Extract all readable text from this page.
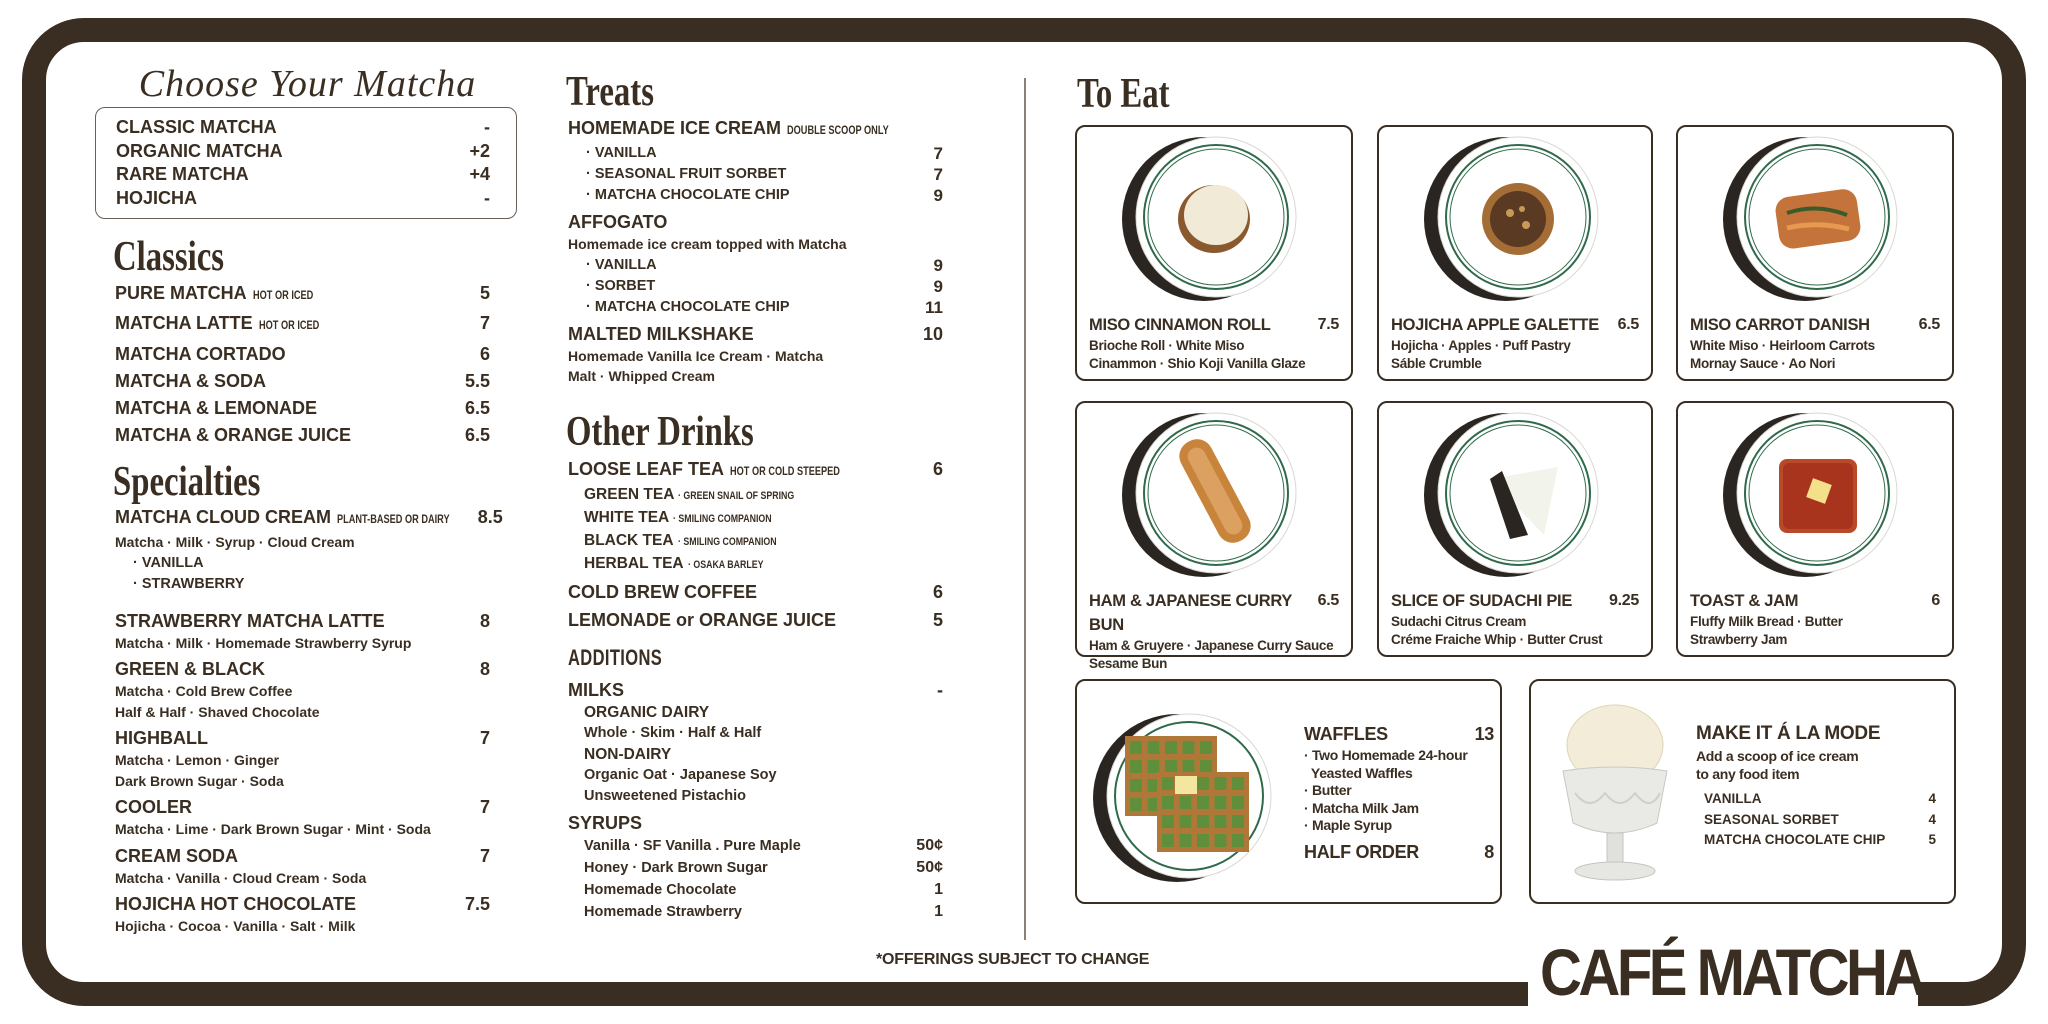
Choose Your Matcha
CLASSIC MATCHA	-
ORGANIC MATCHA	+2
RARE MATCHA	+4
HOJICHA	-
Classics
PURE MATCHA HOT OR ICED	5
MATCHA LATTE HOT OR ICED	7
MATCHA CORTADO	6
MATCHA & SODA	5.5
MATCHA & LEMONADE	6.5
MATCHA & ORANGE JUICE	6.5
Specialties
MATCHA CLOUD CREAM PLANT-BASED OR DAIRY 8.5
Matcha · Milk · Syrup · Cloud Cream
· VANILLA
· STRAWBERRY
STRAWBERRY MATCHA LATTE	8
Matcha · Milk · Homemade Strawberry Syrup
GREEN & BLACK	8
Matcha · Cold Brew Coffee
Half & Half · Shaved Chocolate
HIGHBALL	7
Matcha · Lemon · Ginger
Dark Brown Sugar · Soda
COOLER	7
Matcha · Lime · Dark Brown Sugar · Mint · Soda
CREAM SODA	7
Matcha · Vanilla · Cloud Cream · Soda
HOJICHA HOT CHOCOLATE	7.5
Hojicha · Cocoa · Vanilla · Salt · Milk
Treats
HOMEMADE ICE CREAM DOUBLE SCOOP ONLY
· VANILLA	7
· SEASONAL FRUIT SORBET	7
· MATCHA CHOCOLATE CHIP	9
AFFOGATO
Homemade ice cream topped with Matcha
· VANILLA	9
· SORBET	9
· MATCHA CHOCOLATE CHIP	11
MALTED MILKSHAKE	10
Homemade Vanilla Ice Cream · Matcha
Malt · Whipped Cream
Other Drinks
LOOSE LEAF TEA HOT OR COLD STEEPED	6
GREEN TEA · GREEN SNAIL OF SPRING
WHITE TEA · SMILING COMPANION
BLACK TEA · SMILING COMPANION
HERBAL TEA · OSAKA BARLEY
COLD BREW COFFEE	6
LEMONADE or ORANGE JUICE	5
ADDITIONS
MILKS	-
ORGANIC DAIRY
Whole · Skim · Half & Half
NON-DAIRY
Organic Oat · Japanese Soy
Unsweetened Pistachio
SYRUPS
Vanilla · SF Vanilla . Pure Maple	50¢
Honey · Dark Brown Sugar	50¢
Homemade Chocolate	1
Homemade Strawberry	1
To Eat
MISO CINNAMON ROLL	7.5
Brioche Roll · White Miso
Cinammon · Shio Koji Vanilla Glaze
HOJICHA APPLE GALETTE 6.5
Hojicha · Apples · Puff Pastry
Sáble Crumble
MISO CARROT DANISH	6.5
White Miso · Heirloom Carrots
Mornay Sauce · Ao Nori
HAM & JAPANESE CURRY BUN
6.5
Ham & Gruyere · Japanese Curry Sauce
Sesame Bun
SLICE OF SUDACHI PIE 9.25
Sudachi Citrus Cream
Créme Fraiche Whip · Butter Crust
TOAST & JAM	6
Fluffy Milk Bread · Butter
Strawberry Jam
WAFFLES	13
· Two Homemade 24-hour
Yeasted Waffles
· Butter
· Matcha Milk Jam
· Maple Syrup
HALF ORDER	8
MAKE IT Á LA MODE
Add a scoop of ice cream
to any food item
VANILLA	4
SEASONAL SORBET	4
MATCHA CHOCOLATE CHIP	5
*OFFERINGS SUBJECT TO CHANGE	CAFÉ MATCHA
